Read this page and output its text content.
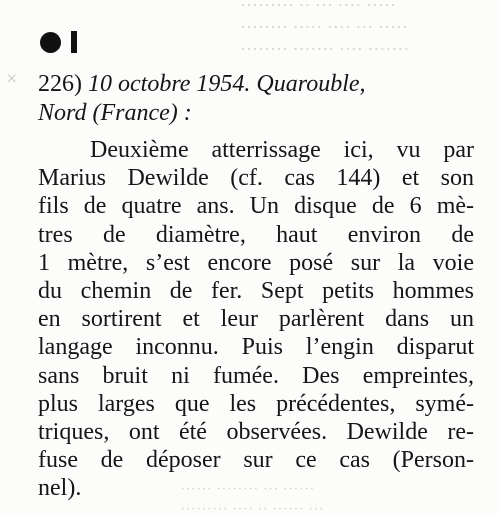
········· ·· ··· ···· ·····
········ ····· ···· ··· ·····
········ ······· ···· ·······
× 226) 10 octobre 1954. Quarouble,
Nord (France) :
Deuxième atterrissage ici, vu par
Marius Dewilde (cf. cas 144) et son
fils de quatre ans. Un disque de 6 mè-
tres de diamètre, haut environ de
1 mètre, s’est encore posé sur la voie
du chemin de fer. Sept petits hommes
en sortirent et leur parlèrent dans un
langage inconnu. Puis l’engin disparut
sans bruit ni fumée. Des empreintes,
plus larges que les précédentes, symé-
triques, ont été observées. Dewilde re-
fuse de déposer sur ce cas (Person-
nel).	······ ········ ··· ······
········· ···· ·· ······ ···
